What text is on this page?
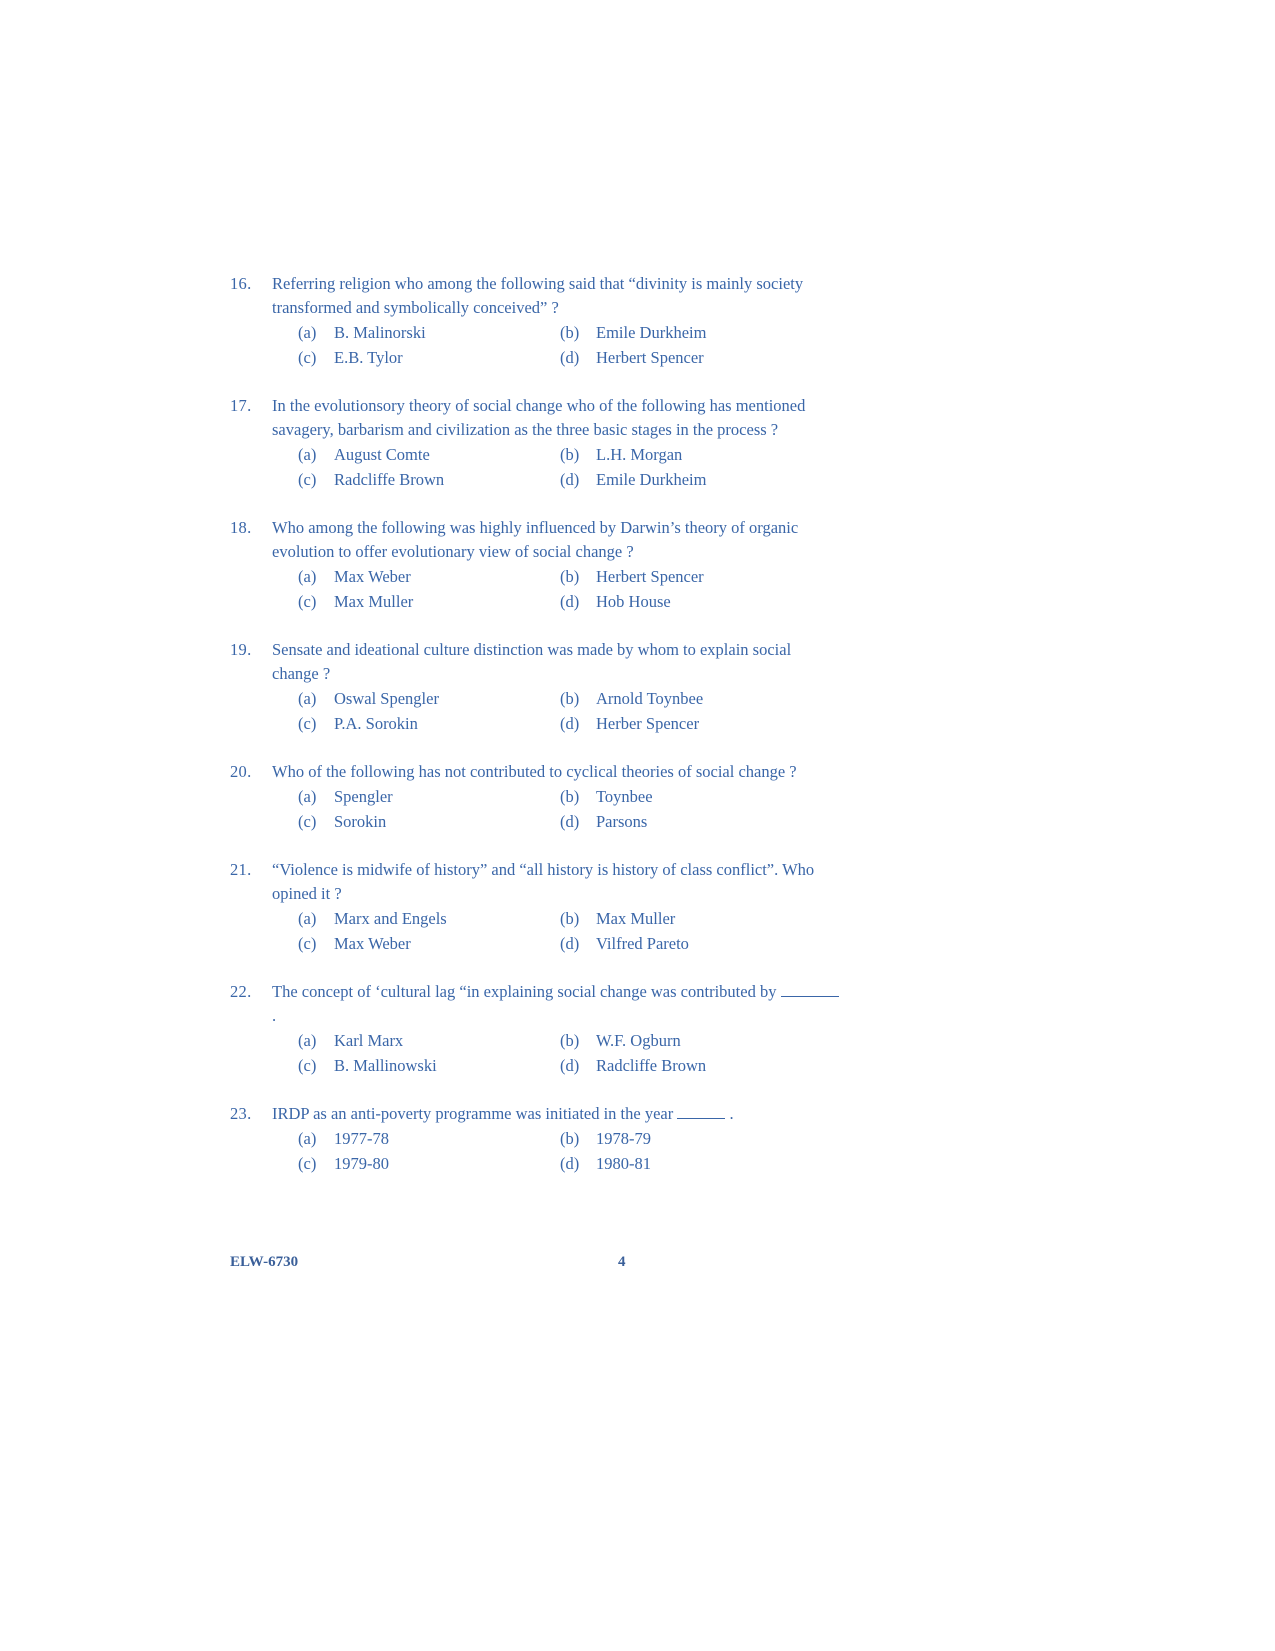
16.	Referring religion who among the following said that “divinity is mainly society transformed and symbolically conceived” ?
(a)	B. Malinorski	(b)	Emile Durkheim
(c)	E.B. Tylor	(d)	Herbert Spencer
17.	In the evolutionsory theory of social change who of the following has mentioned savagery, barbarism and civilization as the three basic stages in the process ?
(a)	August Comte	(b)	L.H. Morgan
(c)	Radcliffe Brown	(d)	Emile Durkheim
18.	Who among the following was highly influenced by Darwin’s theory of organic evolution to offer evolutionary view of social change ?
(a)	Max Weber	(b)	Herbert Spencer
(c)	Max Muller	(d)	Hob House
19.	Sensate and ideational culture distinction was made by whom to explain social change ?
(a)	Oswal Spengler	(b)	Arnold Toynbee
(c)	P.A. Sorokin	(d)	Herber Spencer
20.	Who of the following has not contributed to cyclical theories of social change ?
(a)	Spengler	(b)	Toynbee
(c)	Sorokin	(d)	Parsons
21.	“Violence is midwife of history” and “all history is history of class conflict”. Who opined it ?
(a)	Marx and Engels	(b)	Max Muller
(c)	Max Weber	(d)	Vilfred Pareto
22.	The concept of ‘cultural lag “in explaining social change was contributed by  .
(a)	Karl Marx	(b)	W.F. Ogburn
(c)	B. Mallinowski	(d)	Radcliffe Brown
23.	IRDP as an anti-poverty programme was initiated in the year	.
(a)	1977-78	(b)	1978-79
(c)	1979-80	(d)	1980-81
ELW-6730	4
